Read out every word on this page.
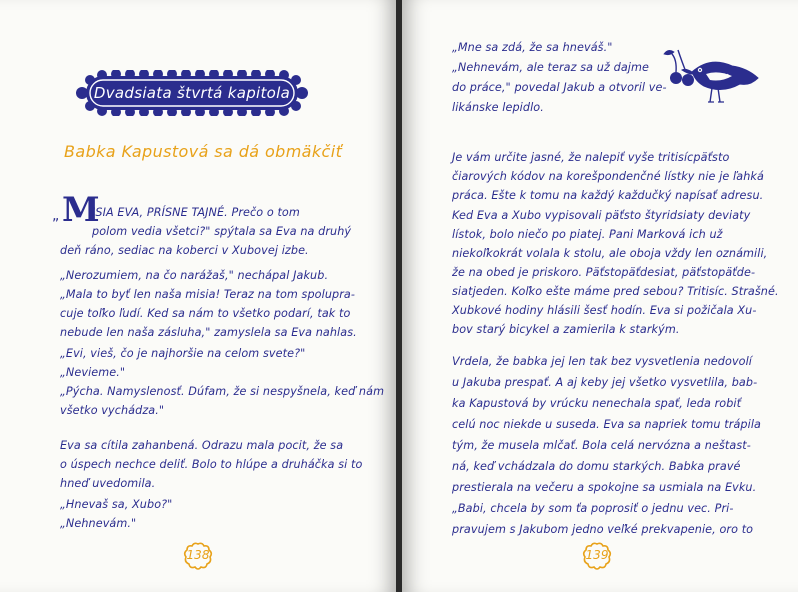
Dvadsiata štvrtá kapitola
Babka Kapustová sa dá obmäkčiť
„ M
ISIA EVA, PRÍSNE TAJNÉ. Prečo o tom
polom vedia všetci?" spýtala sa Eva na druhý
deň ráno, sediac na koberci v Xubovej izbe.
„Nerozumiem, na čo narážaš," nechápal Jakub.
„Mala to byť len naša misia! Teraz na tom spolupra-
cuje toľko ľudí. Ked sa nám to všetko podarí, tak to
nebude len naša zásluha," zamyslela sa Eva nahlas.
„Evi, vieš, čo je najhoršie na celom svete?"
„Nevieme."
„Pýcha. Namyslenosť. Dúfam, že si nespyšnela, keď nám
všetko vychádza."
Eva sa cítila zahanbená. Odrazu mala pocit, že sa
o úspech nechce deliť. Bolo to hlúpe a druháčka si to
hneď uvedomila.
„Hnevaš sa, Xubo?"
„Nehnevám."
138
„Mne sa zdá, že sa hneváš."
„Nehnevám, ale teraz sa už dajme
do práce," povedal Jakub a otvoril ve-
likánske lepidlo.
Je vám určite jasné, že nalepiť vyše tritisícpäťsto
čiarových kódov na korešpondenčné lístky nie je ľahká
práca. Ešte k tomu na každý každučký napísať adresu.
Ked Eva a Xubo vypisovali päťsto štyridsiaty deviaty
lístok, bolo niečo po piatej. Pani Marková ich už
niekoľkokrát volala k stolu, ale oboja vždy len oznámili,
že na obed je priskoro. Päťstopäťdesiat, päťstopäťde-
siatjeden. Koľko ešte máme pred sebou? Tritisíc. Strašné.
Xubkové hodiny hlásili šesť hodín. Eva si požičala Xu-
bov starý bicykel a zamierila k starkým.
Vrdela, že babka jej len tak bez vysvetlenia nedovolí
u Jakuba prespať. A aj keby jej všetko vysvetlila, bab-
ka Kapustová by vrúcku nenechala spať, leda robiť
celú noc niekde u suseda. Eva sa napriek tomu trápila
tým, že musela mlčať. Bola celá nervózna a neštast-
ná, keď vchádzala do domu starkých. Babka pravé
prestierala na večeru a spokojne sa usmiala na Evku.
„Babi, chcela by som ťa poprosiť o jednu vec. Pri-
pravujem s Jakubom jedno veľké prekvapenie, oro to
139
